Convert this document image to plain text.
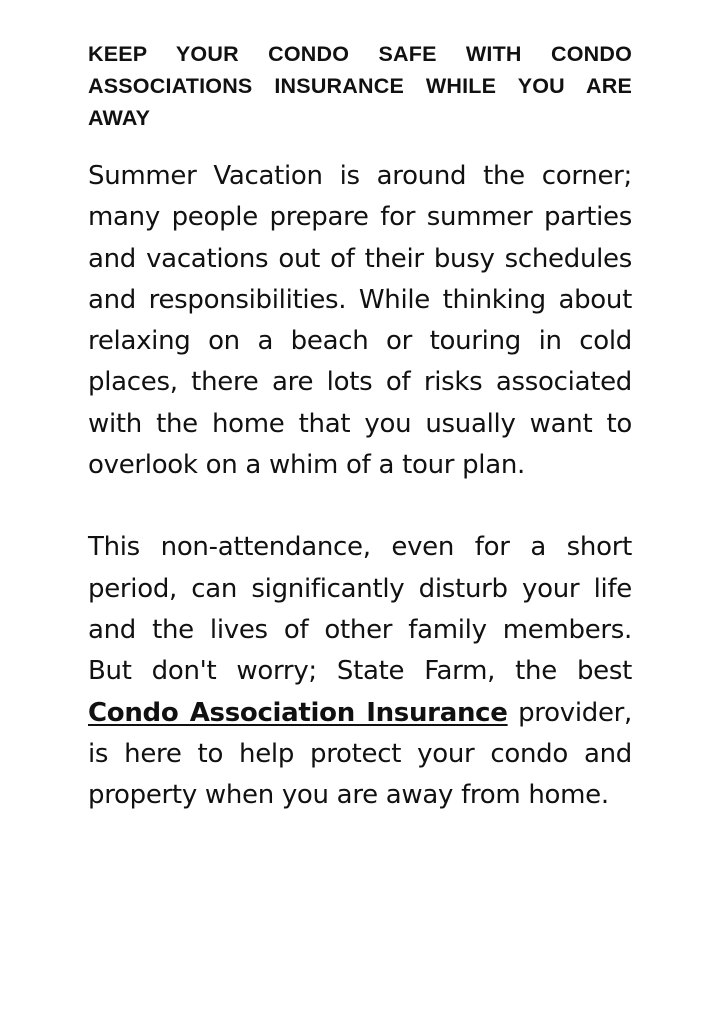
KEEP YOUR CONDO SAFE WITH CONDO ASSOCIATIONS INSURANCE WHILE YOU ARE AWAY

Summer Vacation is around the corner; many people prepare for summer parties and vacations out of their busy schedules and responsibilities. While thinking about relaxing on a beach or touring in cold places, there are lots of risks associated with the home that you usually want to overlook on a whim of a tour plan.

This non-attendance, even for a short period, can significantly disturb your life and the lives of other family members. But don't worry; State Farm, the best Condo Association Insurance provider, is here to help protect your condo and property when you are away from home.
